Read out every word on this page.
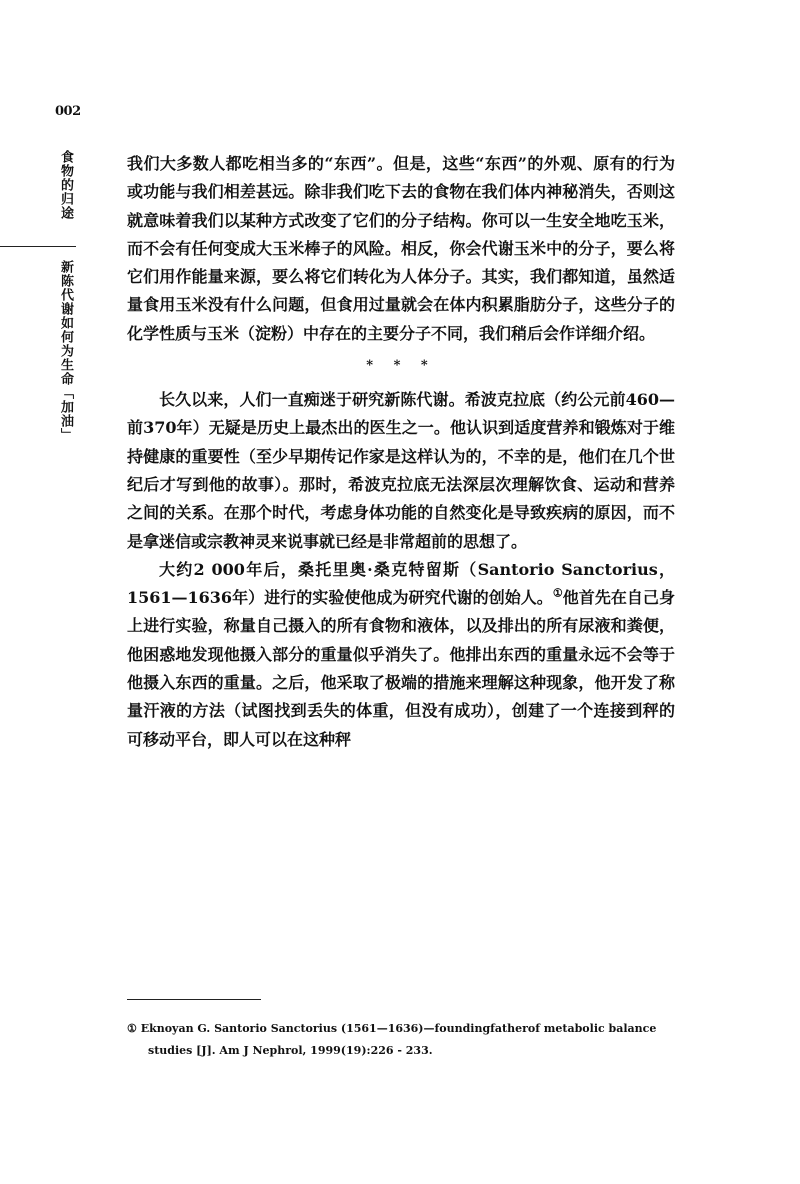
002
食物的归途
新陈代谢如何为生命「加油」

我们大多数人都吃相当多的“东西”。但是，这些“东西”的外观、原有的行为或功能与我们相差甚远。除非我们吃下去的食物在我们体内神秘消失，否则这就意味着我们以某种方式改变了它们的分子结构。你可以一生安全地吃玉米，而不会有任何变成大玉米棒子的风险。相反，你会代谢玉米中的分子，要么将它们用作能量来源，要么将它们转化为人体分子。其实，我们都知道，虽然适量食用玉米没有什么问题，但食用过量就会在体内积累脂肪分子，这些分子的化学性质与玉米（淀粉）中存在的主要分子不同，我们稍后会作详细介绍。

* * *

长久以来，人们一直痴迷于研究新陈代谢。希波克拉底（约公元前460—前370年）无疑是历史上最杰出的医生之一。他认识到适度营养和锻炼对于维持健康的重要性（至少早期传记作家是这样认为的，不幸的是，他们在几个世纪后才写到他的故事）。那时，希波克拉底无法深层次理解饮食、运动和营养之间的关系。在那个时代，考虑身体功能的自然变化是导致疾病的原因，而不是拿迷信或宗教神灵来说事就已经是非常超前的思想了。

大约2 000年后，桑托里奥·桑克特留斯（Santorio Sanctorius，1561—1636年）进行的实验使他成为研究代谢的创始人。①他首先在自己身上进行实验，称量自己摄入的所有食物和液体，以及排出的所有尿液和粪便，他困惑地发现他摄入部分的重量似乎消失了。他排出东西的重量永远不会等于他摄入东西的重量。之后，他采取了极端的措施来理解这种现象，他开发了称量汗液的方法（试图找到丢失的体重，但没有成功），创建了一个连接到秤的可移动平台，即人可以在这种秤

① Eknoyan G. Santorio Sanctorius (1561—1636)—foundingfatherof metabolic balance
studies [J]. Am J Nephrol, 1999(19):226 - 233.
